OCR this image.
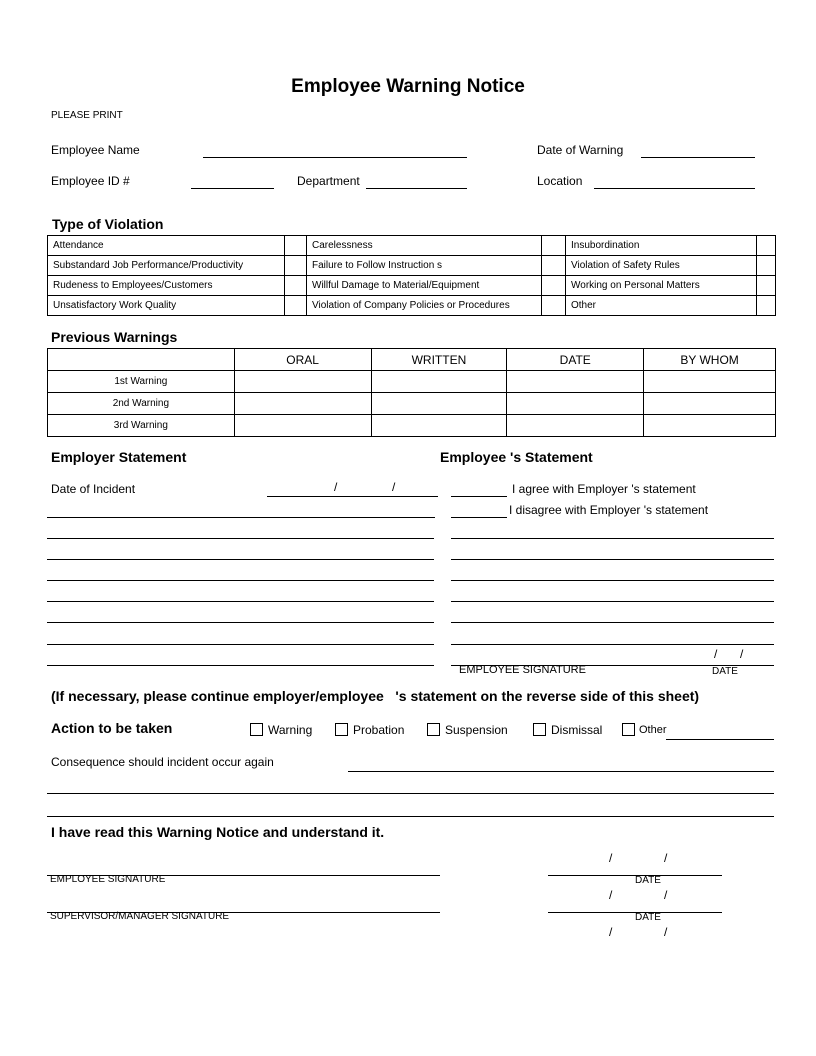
Employee Warning Notice
PLEASE PRINT
Employee Name	Date of Warning
Employee ID #	Department	Location
Type of Violation
Attendance		Carelessness		Insubordination	
Substandard Job Performance/Productivity		Failure to Follow Instruction s		Violation of Safety Rules	
Rudeness to Employees/Customers		Willful Damage to Material/Equipment		Working on Personal Matters	
Unsatisfactory Work Quality		Violation of Company Policies or Procedures		Other	
Previous Warnings
	ORAL	WRITTEN	DATE	BY WHOM
1st Warning				
2nd Warning				
3rd Warning				
Employer Statement
Date of Incident	/	/
Employee 's Statement
I agree with Employer 's statement
I disagree with Employer 's statement
/ /
EMPLOYEE SIGNATURE	DATE
(If necessary, please continue employer/employee   's statement on the reverse side of this sheet)
Action to be taken	Warning	Probation	Suspension	Dismissal	Other
Consequence should incident occur again
I have read this Warning Notice and understand it.
/	/
EMPLOYEE SIGNATURE	DATE
/	/
SUPERVISOR/MANAGER SIGNATURE	DATE
/	/
